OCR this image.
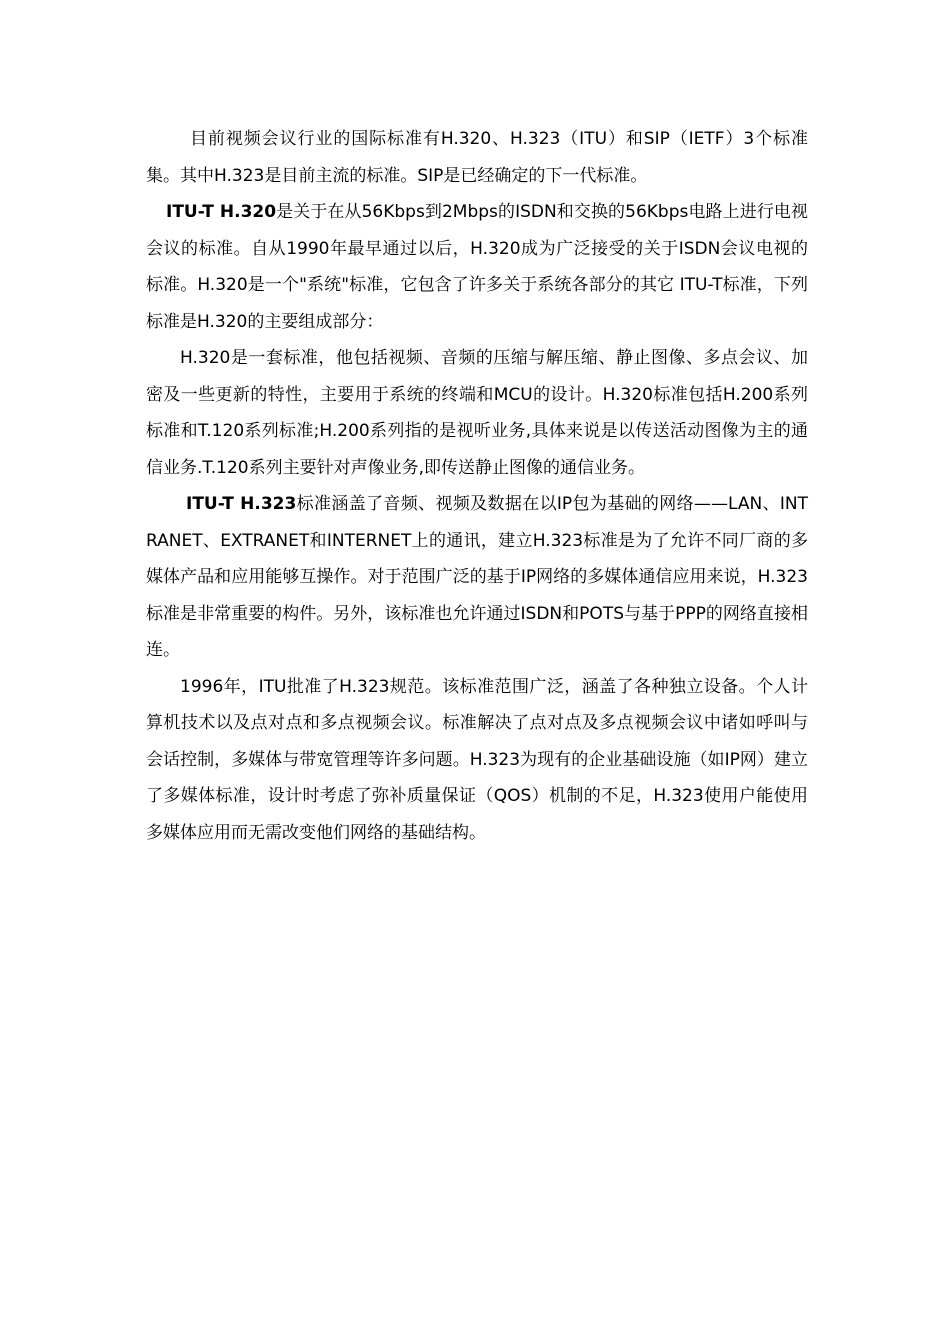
目前视频会议行业的国际标准有H.320、H.323（ITU）和SIP（IETF）3个标准集。其中H.323是目前主流的标准。SIP是已经确定的下一代标准。

ITU-T H.320是关于在从56Kbps到2Mbps的ISDN和交换的56Kbps电路上进行电视会议的标准。自从1990年最早通过以后，H.320成为广泛接受的关于ISDN会议电视的标准。H.320是一个"系统"标准，它包含了许多关于系统各部分的其它 ITU-T标准，下列标准是H.320的主要组成部分：

H.320是一套标准，他包括视频、音频的压缩与解压缩、静止图像、多点会议、加密及一些更新的特性，主要用于系统的终端和MCU的设计。H.320标准包括H.200系列标准和T.120系列标准;H.200系列指的是视听业务,具体来说是以传送活动图像为主的通信业务.T.120系列主要针对声像业务,即传送静止图像的通信业务。

ITU-T H.323标准涵盖了音频、视频及数据在以IP包为基础的网络——LAN、INTRANET、EXTRANET和INTERNET上的通讯，建立H.323标准是为了允许不同厂商的多媒体产品和应用能够互操作。对于范围广泛的基于IP网络的多媒体通信应用来说，H.323标准是非常重要的构件。另外，该标准也允许通过ISDN和POTS与基于PPP的网络直接相连。

1996年，ITU批准了H.323规范。该标准范围广泛，涵盖了各种独立设备。个人计算机技术以及点对点和多点视频会议。标准解决了点对点及多点视频会议中诸如呼叫与会话控制，多媒体与带宽管理等许多问题。H.323为现有的企业基础设施（如IP网）建立了多媒体标准，设计时考虑了弥补质量保证（QOS）机制的不足，H.323使用户能使用多媒体应用而无需改变他们网络的基础结构。
